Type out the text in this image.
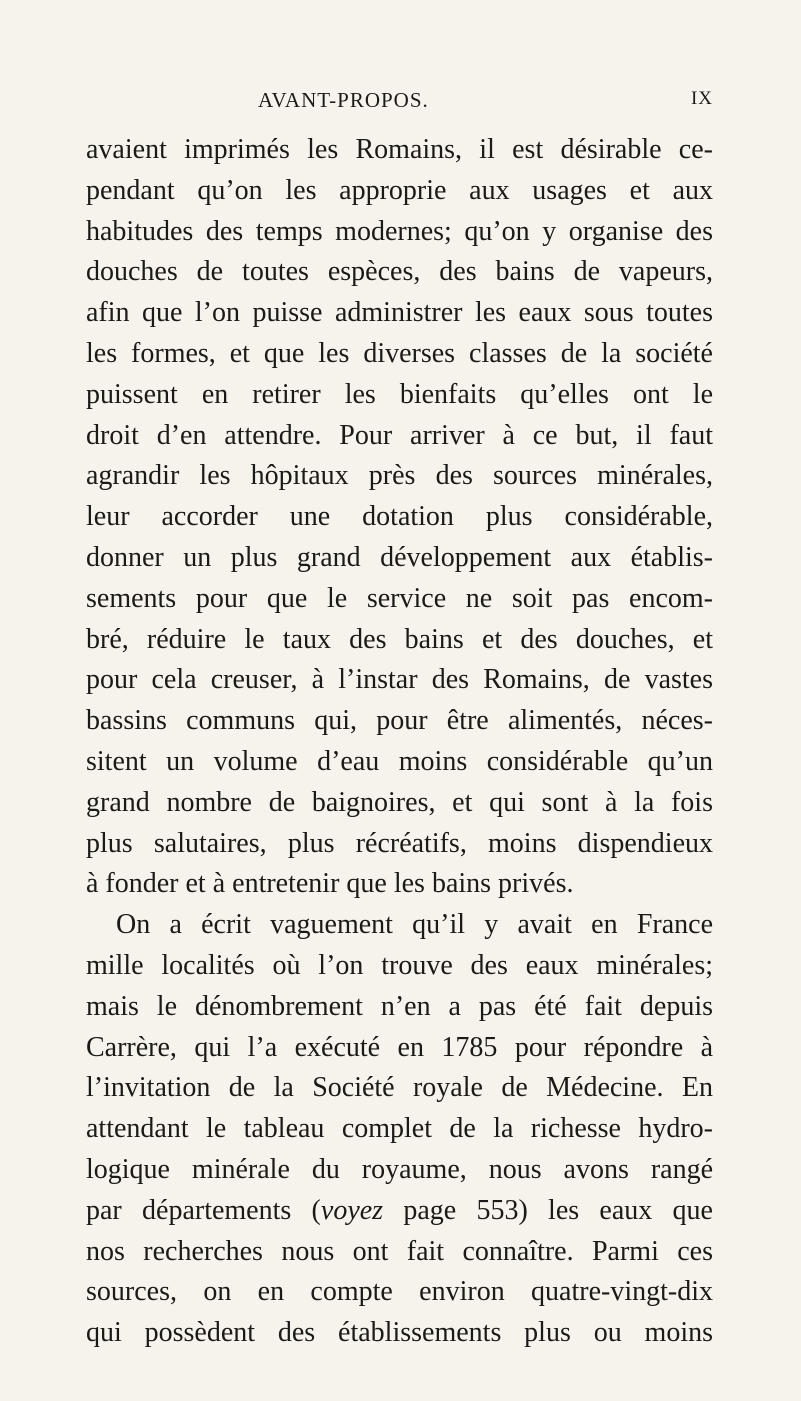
AVANT-PROPOS.	IX
avaient imprimés les Romains, il est désirable ce-
pendant qu’on les approprie aux usages et aux
habitudes des temps modernes; qu’on y organise des
douches de toutes espèces, des bains de vapeurs,
afin que l’on puisse administrer les eaux sous toutes
les formes, et que les diverses classes de la société
puissent en retirer les bienfaits qu’elles ont le
droit d’en attendre. Pour arriver à ce but, il faut
agrandir les hôpitaux près des sources minérales,
leur accorder une dotation plus considérable,
donner un plus grand développement aux établis-
sements pour que le service ne soit pas encom-
bré, réduire le taux des bains et des douches, et
pour cela creuser, à l’instar des Romains, de vastes
bassins communs qui, pour être alimentés, néces-
sitent un volume d’eau moins considérable qu’un
grand nombre de baignoires, et qui sont à la fois
plus salutaires, plus récréatifs, moins dispendieux
à fonder et à entretenir que les bains privés.
On a écrit vaguement qu’il y avait en France
mille localités où l’on trouve des eaux minérales;
mais le dénombrement n’en a pas été fait depuis
Carrère, qui l’a exécuté en 1785 pour répondre à
l’invitation de la Société royale de Médecine. En
attendant le tableau complet de la richesse hydro-
logique minérale du royaume, nous avons rangé
par départements (voyez page 553) les eaux que
nos recherches nous ont fait connaître. Parmi ces
sources, on en compte environ quatre-vingt-dix
qui possèdent des établissements plus ou moins
